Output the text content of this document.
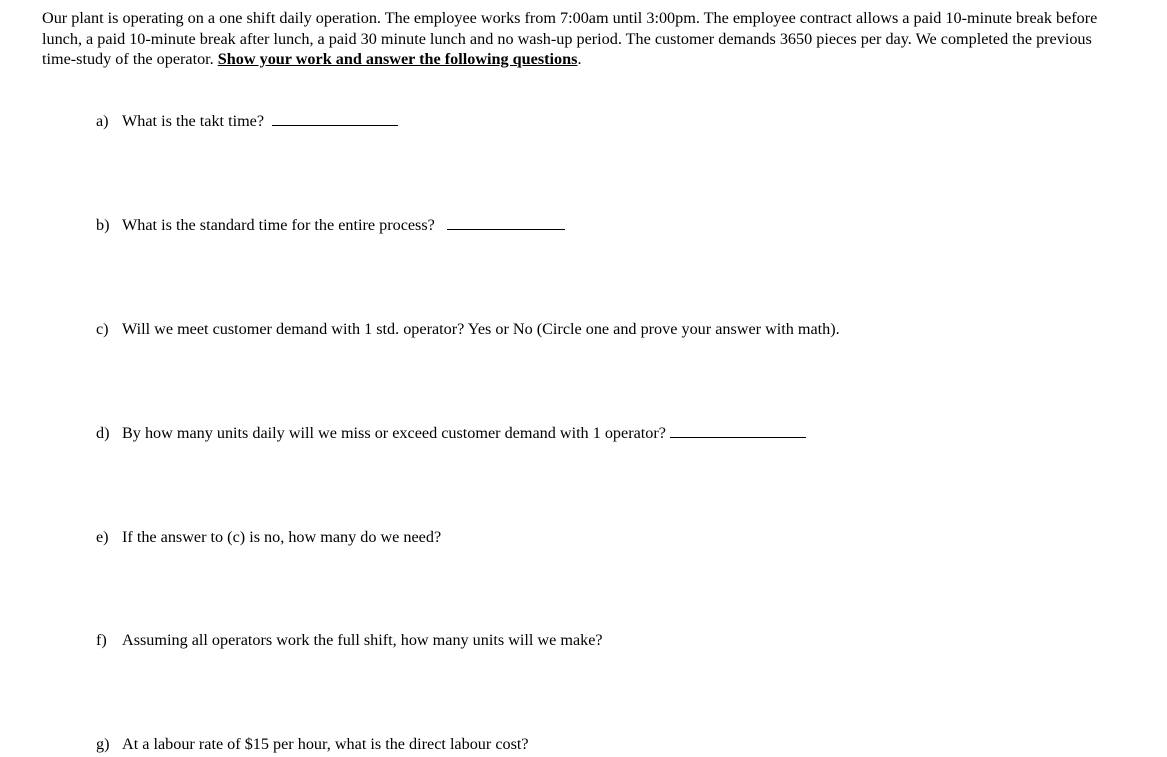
Our plant is operating on a one shift daily operation. The employee works from 7:00am until 3:00pm. The employee contract allows a paid 10-minute break before lunch, a paid 10-minute break after lunch, a paid 30 minute lunch and no wash-up period. The customer demands 3650 pieces per day. We completed the previous time-study of the operator. Show your work and answer the following questions.
a) What is the takt time?
b) What is the standard time for the entire process?
c) Will we meet customer demand with 1 std. operator? Yes or No (Circle one and prove your answer with math).
d) By how many units daily will we miss or exceed customer demand with 1 operator?
e) If the answer to (c) is no, how many do we need?
f) Assuming all operators work the full shift, how many units will we make?
g) At a labour rate of $15 per hour, what is the direct labour cost?
